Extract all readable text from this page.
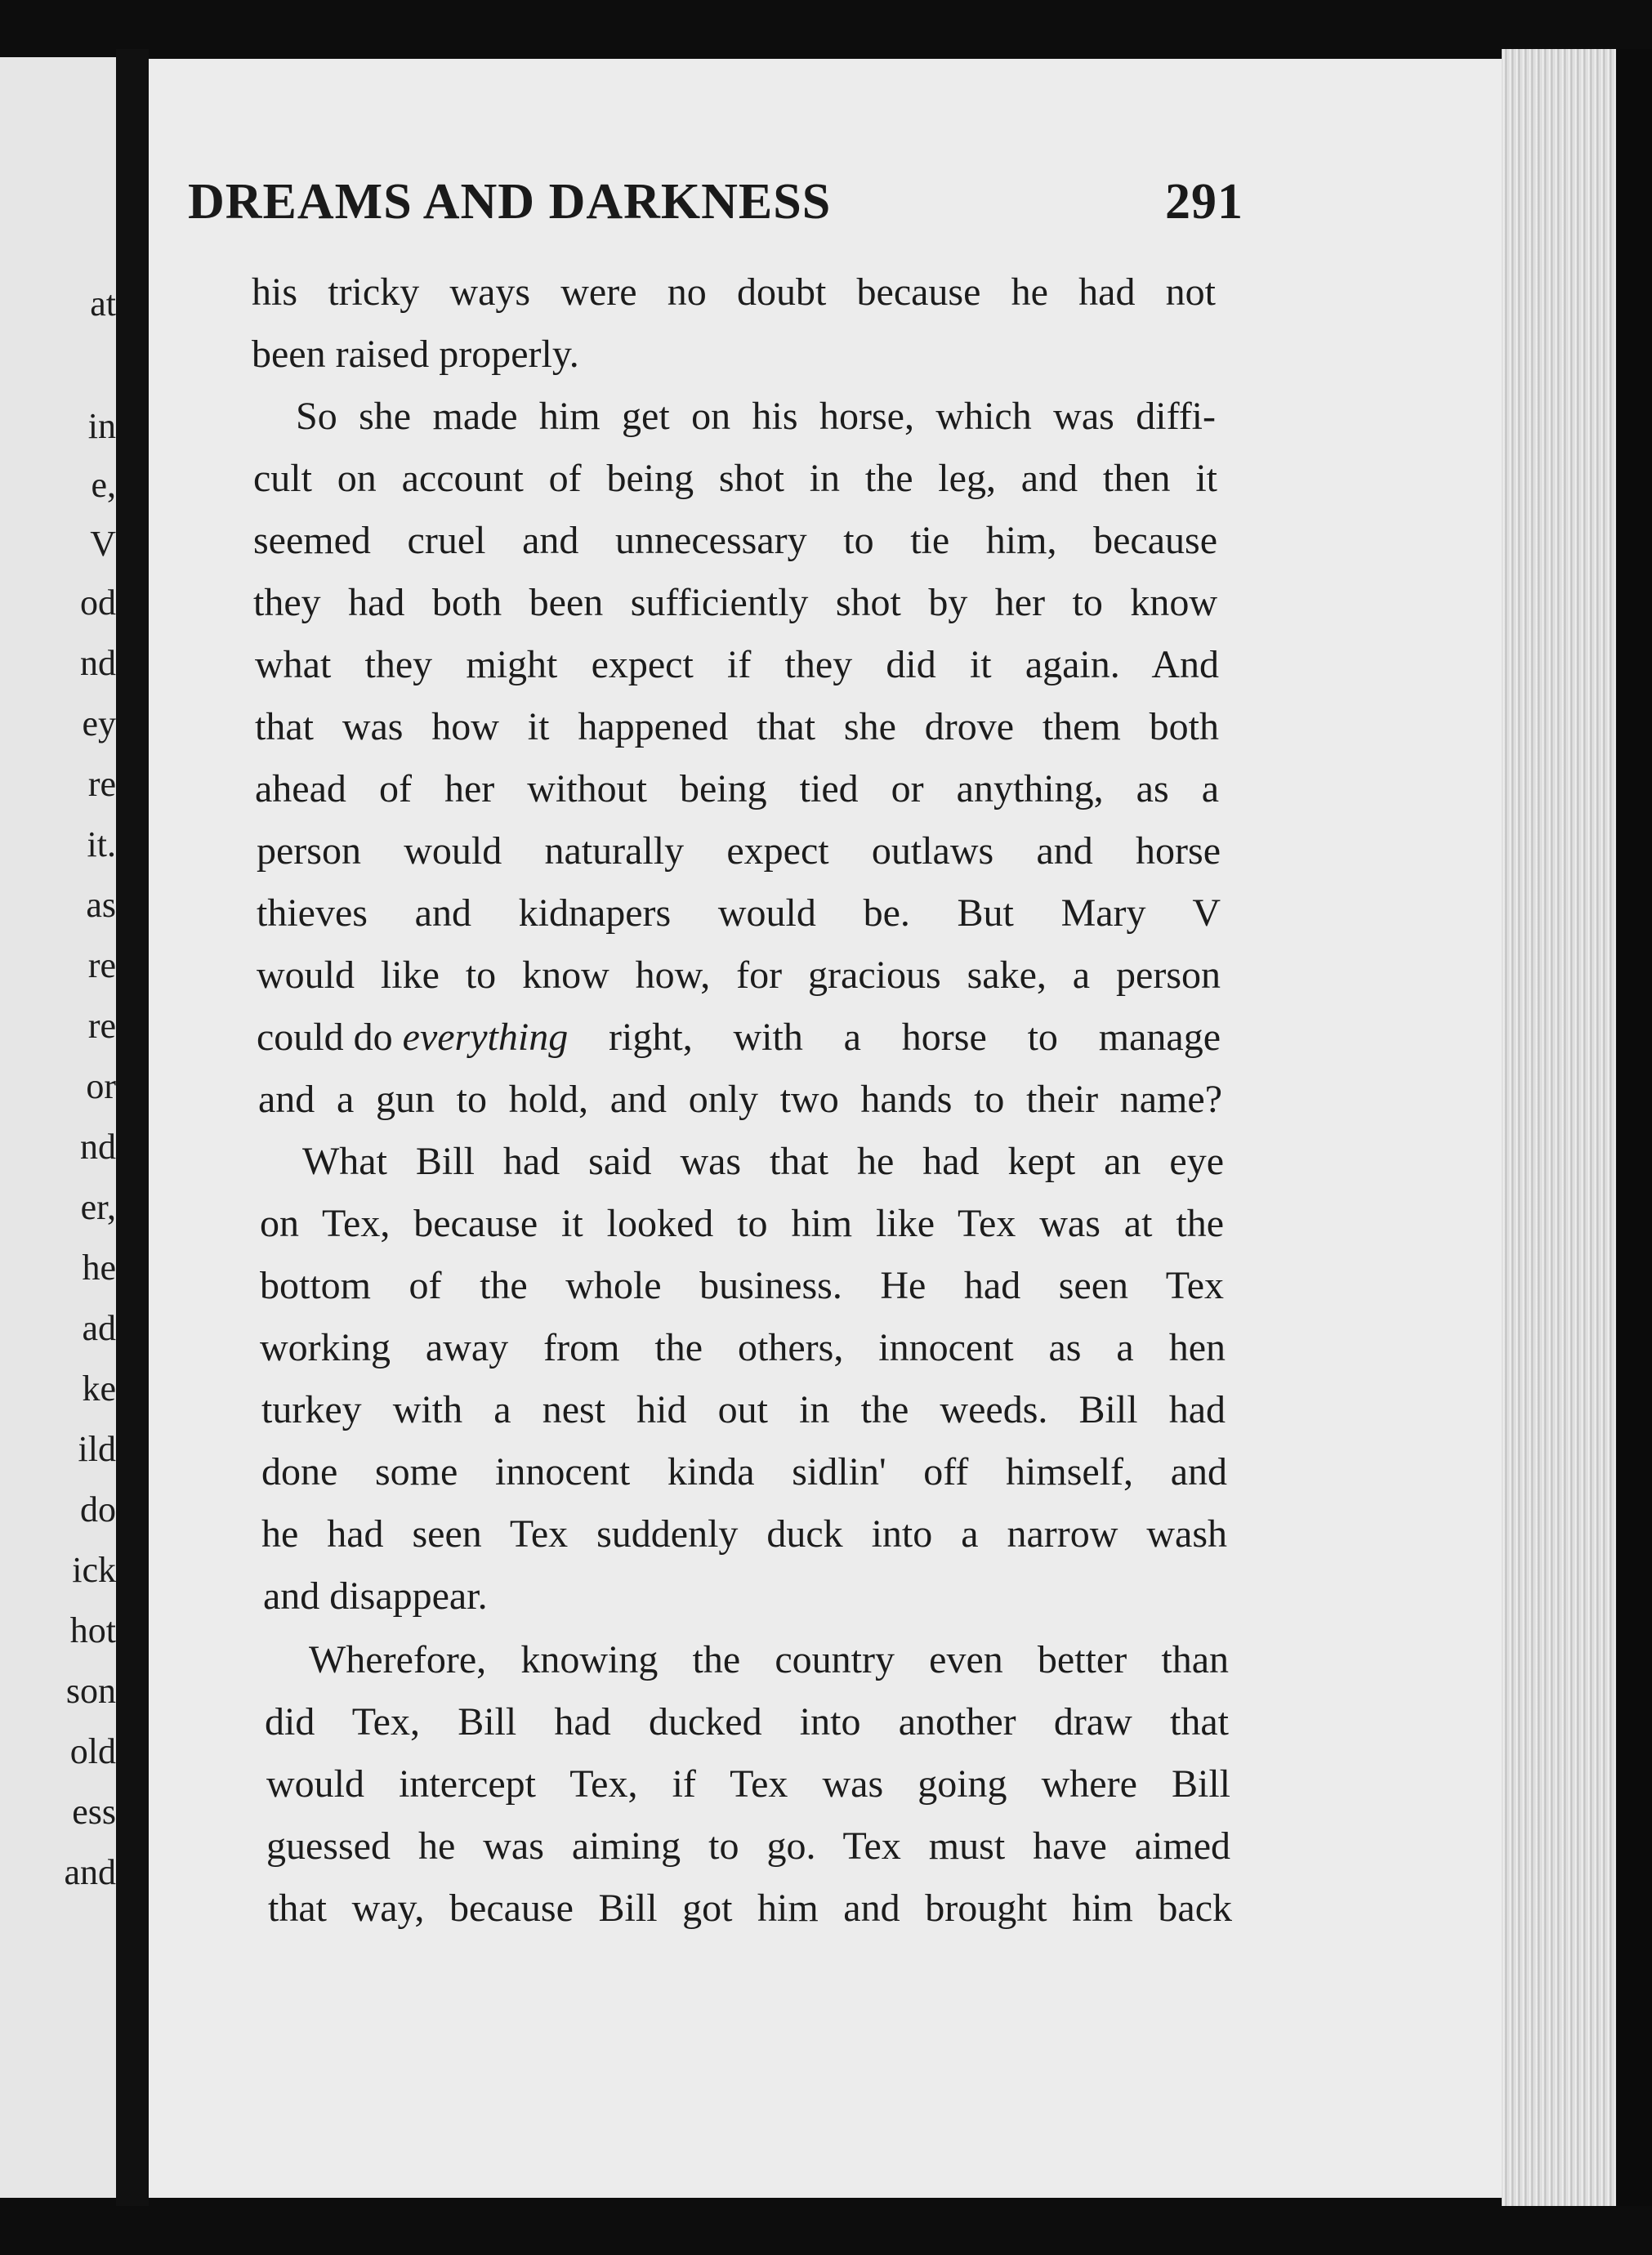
at
in
e,
V
od
nd
ey
re
it.
as
re
re
or
nd
er,
he
ad
ke
ild
do
ick
hot
son
old
ess
and
DREAMS AND DARKNESS	291
his tricky ways were no doubt because he had not
been raised properly.
So she made him get on his horse, which was diffi-
cult on account of being shot in the leg, and then it
seemed cruel and unnecessary to tie him, because
they had both been sufficiently shot by her to know
what they might expect if they did it again. And
that was how it happened that she drove them both
ahead of her without being tied or anything, as a
person would naturally expect outlaws and horse
thieves and kidnapers would be. But Mary V
would like to know how, for gracious sake, a person
could do everything right, with a horse to manage
and a gun to hold, and only two hands to their name?
What Bill had said was that he had kept an eye
on Tex, because it looked to him like Tex was at the
bottom of the whole business. He had seen Tex
working away from the others, innocent as a hen
turkey with a nest hid out in the weeds. Bill had
done some innocent kinda sidlin' off himself, and
he had seen Tex suddenly duck into a narrow wash
and disappear.
Wherefore, knowing the country even better than
did Tex, Bill had ducked into another draw that
would intercept Tex, if Tex was going where Bill
guessed he was aiming to go. Tex must have aimed
that way, because Bill got him and brought him back
